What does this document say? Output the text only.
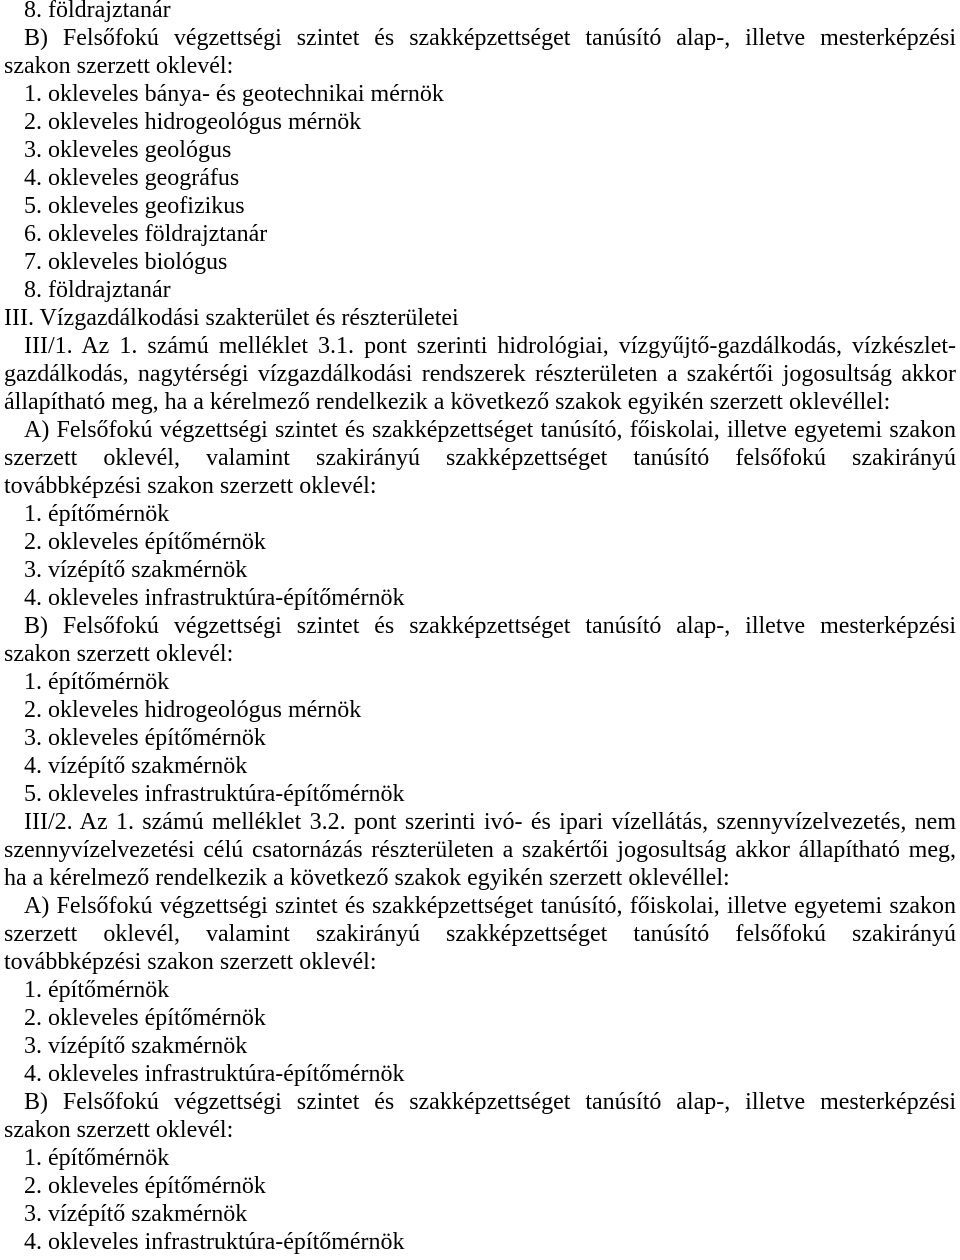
8. földrajztanár
B) Felsőfokú végzettségi szintet és szakképzettséget tanúsító alap-, illetve mesterképzési
szakon szerzett oklevél:
1. okleveles bánya- és geotechnikai mérnök
2. okleveles hidrogeológus mérnök
3. okleveles geológus
4. okleveles geográfus
5. okleveles geofizikus
6. okleveles földrajztanár
7. okleveles biológus
8. földrajztanár
III. Vízgazdálkodási szakterület és részterületei
III/1. Az 1. számú melléklet 3.1. pont szerinti hidrológiai, vízgyűjtő-gazdálkodás, vízkészlet-
gazdálkodás, nagytérségi vízgazdálkodási rendszerek részterületen a szakértői jogosultság akkor
állapítható meg, ha a kérelmező rendelkezik a következő szakok egyikén szerzett oklevéllel:
A) Felsőfokú végzettségi szintet és szakképzettséget tanúsító, főiskolai, illetve egyetemi szakon
szerzett oklevél, valamint szakirányú szakképzettséget tanúsító felsőfokú szakirányú
továbbképzési szakon szerzett oklevél:
1. építőmérnök
2. okleveles építőmérnök
3. vízépítő szakmérnök
4. okleveles infrastruktúra-építőmérnök
B) Felsőfokú végzettségi szintet és szakképzettséget tanúsító alap-, illetve mesterképzési
szakon szerzett oklevél:
1. építőmérnök
2. okleveles hidrogeológus mérnök
3. okleveles építőmérnök
4. vízépítő szakmérnök
5. okleveles infrastruktúra-építőmérnök
III/2. Az 1. számú melléklet 3.2. pont szerinti ivó- és ipari vízellátás, szennyvízelvezetés, nem
szennyvízelvezetési célú csatornázás részterületen a szakértői jogosultság akkor állapítható meg,
ha a kérelmező rendelkezik a következő szakok egyikén szerzett oklevéllel:
A) Felsőfokú végzettségi szintet és szakképzettséget tanúsító, főiskolai, illetve egyetemi szakon
szerzett oklevél, valamint szakirányú szakképzettséget tanúsító felsőfokú szakirányú
továbbképzési szakon szerzett oklevél:
1. építőmérnök
2. okleveles építőmérnök
3. vízépítő szakmérnök
4. okleveles infrastruktúra-építőmérnök
B) Felsőfokú végzettségi szintet és szakképzettséget tanúsító alap-, illetve mesterképzési
szakon szerzett oklevél:
1. építőmérnök
2. okleveles építőmérnök
3. vízépítő szakmérnök
4. okleveles infrastruktúra-építőmérnök
